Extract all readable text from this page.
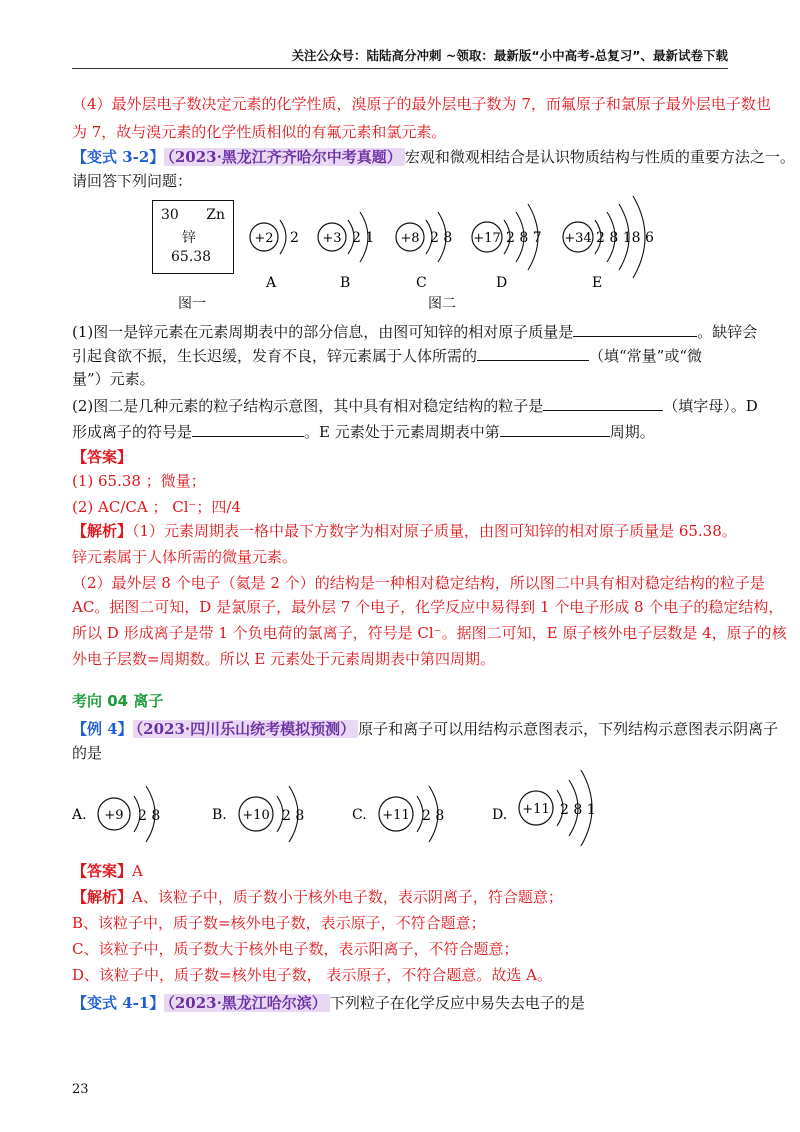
关注公众号：陆陆高分冲刺 ~领取：最新版“小中高考-总复习”、最新试卷下载
（4）最外层电子数决定元素的化学性质，溴原子的最外层电子数为 7，而氟原子和氯原子最外层电子数也
为 7，故与溴元素的化学性质相似的有氟元素和氯元素。
【变式 3-2】 （2023·黑龙江齐齐哈尔中考真题） 宏观和微观相结合是认识物质结构与性质的重要方法之一。
请回答下列问题：
30 Zn
锌
65.38
图一	图二
+2 2
A
+3 2 1
B
+8 2 8
C
+17 2 8 7
D
+34 2 8 18 6
E
(1)图一是锌元素在元素周期表中的部分信息，由图可知锌的相对原子质量是	。缺锌会
引起食欲不振，生长迟缓，发育不良，锌元素属于人体所需的	（填“常量”或“微
量”）元素。
(2)图二是几种元素的粒子结构示意图，其中具有相对稳定结构的粒子是	（填字母）。D
形成离子的符号是	。E 元素处于元素周期表中第	周期。
【答案】
(1) 65.38 ；微量；
(2) AC/CA ； Cl⁻；四/4
【解析】（1）元素周期表一格中最下方数字为相对原子质量，由图可知锌的相对原子质量是 65.38。
锌元素属于人体所需的微量元素。
（2）最外层 8 个电子（氦是 2 个）的结构是一种相对稳定结构，所以图二中具有相对稳定结构的粒子是
AC。据图二可知，D 是氯原子，最外层 7 个电子，化学反应中易得到 1 个电子形成 8 个电子的稳定结构，
所以 D 形成离子是带 1 个负电荷的氯离子，符号是 Cl⁻。据图二可知，E 原子核外电子层数是 4，原子的核
外电子层数=周期数。所以 E 元素处于元素周期表中第四周期。
考向 04 离子
【例 4】 （2023·四川乐山统考模拟预测） 原子和离子可以用结构示意图表示，下列结构示意图表示阴离子
的是
A. +9 2 8	B. +10 2 8	C. +11 2 8	D. +11 2 8 1
【答案】A
【解析】A、该粒子中，质子数小于核外电子数，表示阴离子，符合题意；
B、该粒子中，质子数=核外电子数，表示原子，不符合题意；
C、该粒子中，质子数大于核外电子数，表示阳离子，不符合题意；
D、该粒子中，质子数=核外电子数， 表示原子，不符合题意。故选 A。
【变式 4-1】 （2023·黑龙江哈尔滨） 下列粒子在化学反应中易失去电子的是
23
